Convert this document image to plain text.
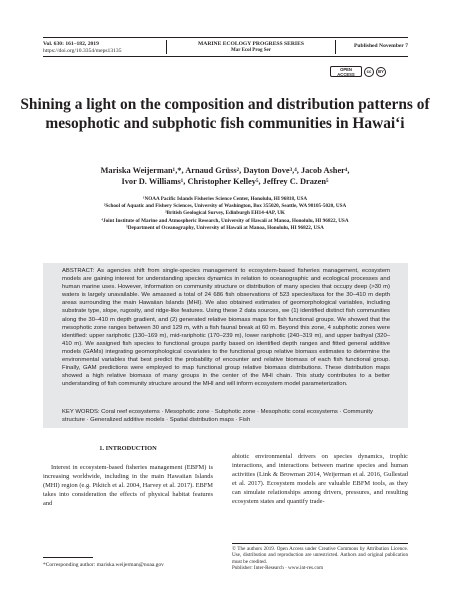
Vol. 630: 161–182, 2019
https://doi.org/10.3354/meps13135
MARINE ECOLOGY PROGRESS SERIES
Mar Ecol Prog Ser
Published November 7
OPEN
ACCESS
cc	BY
Shining a light on the composition and distribution patterns of mesophotic and subphotic fish communities in Hawai‘i
Mariska Weijerman¹,*, Arnaud Grüss², Dayton Dove³,⁴, Jacob Asher⁴,
Ivor D. Williams¹, Christopher Kelley⁵, Jeffrey C. Drazen⁵
¹NOAA Pacific Islands Fisheries Science Center, Honolulu, HI 96818, USA
²School of Aquatic and Fishery Sciences, University of Washington, Box 355020, Seattle, WA 98105-5020, USA
³British Geological Survey, Edinburgh EH14-4AP, UK
⁴Joint Institute of Marine and Atmospheric Research, University of Hawaii at Manoa, Honolulu, HI 96822, USA
⁵Department of Oceanography, University of Hawaii at Manoa, Honolulu, HI 96822, USA

ABSTRACT: As agencies shift from single-species management to ecosystem-based fisheries management, ecosystem models are gaining interest for understanding species dynamics in relation to oceanographic and ecological processes and human marine uses. However, information on community structure or distribution of many species that occupy deep (>30 m) waters is largely unavailable. We amassed a total of 24 686 fish observations of 523 species/taxa for the 30–410 m depth areas surrounding the main Hawaiian Islands (MHI). We also obtained estimates of geomorphological variables, including substrate type, slope, rugosity, and ridge-like features. Using these 2 data sources, we (1) identified distinct fish communities along the 30–410 m depth gradient, and (2) generated relative biomass maps for fish functional groups. We showed that the mesophotic zone ranges between 30 and 129 m, with a fish faunal break at 60 m. Beyond this zone, 4 subphotic zones were identified: upper rariphotic (130–169 m), mid-rariphotic (170–239 m), lower rariphotic (240–319 m), and upper bathyal (320–410 m). We assigned fish species to functional groups partly based on identified depth ranges and fitted general additive models (GAMs) integrating geomorphological covariates to the functional group relative biomass estimates to determine the environmental variables that best predict the probability of encounter and relative biomass of each fish functional group. Finally, GAM predictions were employed to map functional group relative biomass distributions. These distribution maps showed a high relative biomass of many groups in the center of the MHI chain. This study contributes to a better understanding of fish community structure around the MHI and will inform ecosystem model parameterization.

KEY WORDS: Coral reef ecosystems · Mesophotic zone · Subphotic zone · Mesophotic coral ecosystems · Community structure · Generalized additive models · Spatial distribution maps · Fish

1. INTRODUCTION

Interest in ecosystem-based fisheries management (EBFM) is increasing worldwide, including in the main Hawaiian Islands (MHI) region (e.g. Pikitch et al. 2004, Harvey et al. 2017). EBFM takes into consideration the effects of physical habitat features and

*Corresponding author: mariska.weijerman@noaa.gov

abiotic environmental drivers on species dynamics, trophic interactions, and interactions between marine species and human activities (Link & Browman 2014, Weijerman et al. 2016, Gullestad et al. 2017). Ecosystem models are valuable EBFM tools, as they can simulate relationships among drivers, pressures, and resulting ecosystem states and quantify trade-

© The authors 2019. Open Access under Creative Commons by Attribution Licence. Use, distribution and reproduction are unrestricted. Authors and original publication must be credited.
Publisher: Inter-Research · www.int-res.com
